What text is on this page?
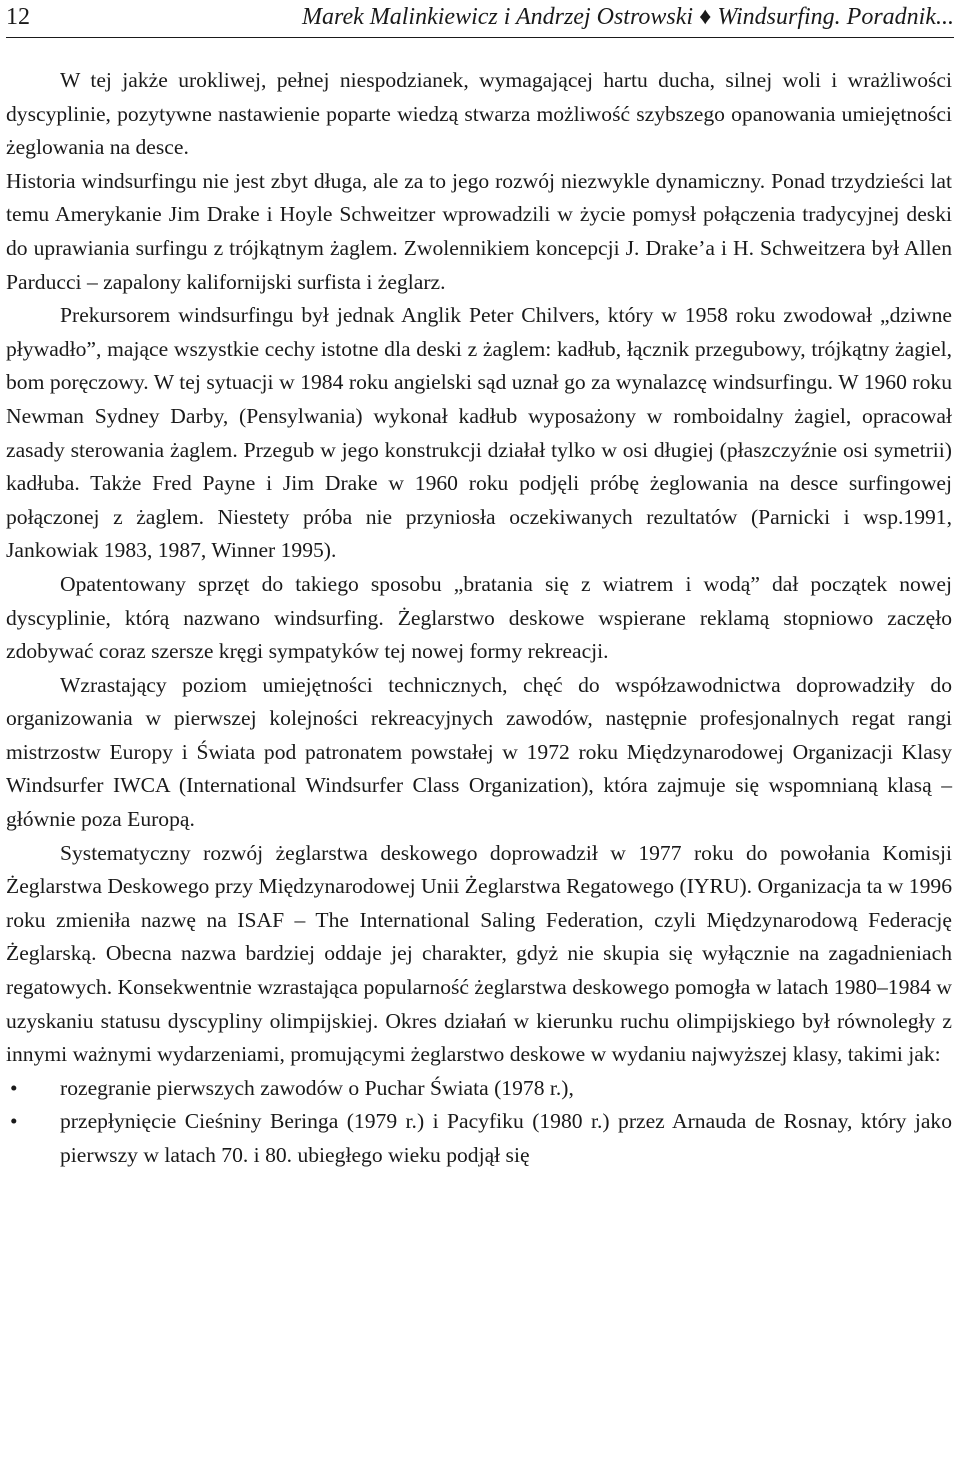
12	Marek Malinkiewicz i Andrzej Ostrowski ♦ Windsurfing. Poradnik...

W tej jakże urokliwej, pełnej niespodzianek, wymagającej hartu ducha, silnej woli i wrażliwości dyscyplinie, pozytywne nastawienie poparte wiedzą stwarza możliwość szybszego opanowania umiejętności żeglowania na desce.

Historia windsurfingu nie jest zbyt długa, ale za to jego rozwój niezwykle dynamiczny. Ponad trzydzieści lat temu Amerykanie Jim Drake i Hoyle Schweitzer wprowadzili w życie pomysł połączenia tradycyjnej deski do uprawiania surfingu z trójkątnym żaglem. Zwolennikiem koncepcji J. Drake’a i H. Schweitzera był Allen Parducci – zapalony kalifornijski surfista i żeglarz.

Prekursorem windsurfingu był jednak Anglik Peter Chilvers, który w 1958 roku zwodował „dziwne pływadło”, mające wszystkie cechy istotne dla deski z żaglem: kadłub, łącznik przegubowy, trójkątny żagiel, bom poręczowy. W tej sytuacji w 1984 roku angielski sąd uznał go za wynalazcę windsurfingu. W 1960 roku Newman Sydney Darby, (Pensylwania) wykonał kadłub wyposażony w romboidalny żagiel, opracował zasady sterowania żaglem. Przegub w jego konstrukcji działał tylko w osi długiej (płaszczyźnie osi symetrii) kadłuba. Także Fred Payne i Jim Drake w 1960 roku podjęli próbę żeglowania na desce surfingowej połączonej z żaglem. Niestety próba nie przyniosła oczekiwanych rezultatów (Parnicki i wsp.1991, Jankowiak 1983, 1987, Winner 1995).

Opatentowany sprzęt do takiego sposobu „bratania się z wiatrem i wodą” dał początek nowej dyscyplinie, którą nazwano windsurfing. Żeglarstwo deskowe wspierane reklamą stopniowo zaczęło zdobywać coraz szersze kręgi sympatyków tej nowej formy rekreacji.

Wzrastający poziom umiejętności technicznych, chęć do współzawodnictwa doprowadziły do organizowania w pierwszej kolejności rekreacyjnych zawodów, następnie profesjonalnych regat rangi mistrzostw Europy i Świata pod patronatem powstałej w 1972 roku Międzynarodowej Organizacji Klasy Windsurfer IWCA (International Windsurfer Class Organization), która zajmuje się wspomnianą klasą – głównie poza Europą.

Systematyczny rozwój żeglarstwa deskowego doprowadził w 1977 roku do powołania Komisji Żeglarstwa Deskowego przy Międzynarodowej Unii Żeglarstwa Regatowego (IYRU). Organizacja ta w 1996 roku zmieniła nazwę na ISAF – The International Saling Federation, czyli Międzynarodową Federację Żeglarską. Obecna nazwa bardziej oddaje jej charakter, gdyż nie skupia się wyłącznie na zagadnieniach regatowych. Konsekwentnie wzrastająca popularność żeglarstwa deskowego pomogła w latach 1980–1984 w uzyskaniu statusu dyscypliny olimpijskiej. Okres działań w kierunku ruchu olimpijskiego był równoległy z innymi ważnymi wydarzeniami, promującymi żeglarstwo deskowe w wydaniu najwyższej klasy, takimi jak:

•	rozegranie pierwszych zawodów o Puchar Świata (1978 r.),
•	przepłynięcie Cieśniny Beringa (1979 r.) i Pacyfiku (1980 r.) przez Arnauda de Rosnay, który jako pierwszy w latach 70. i 80. ubiegłego wieku podjął się
